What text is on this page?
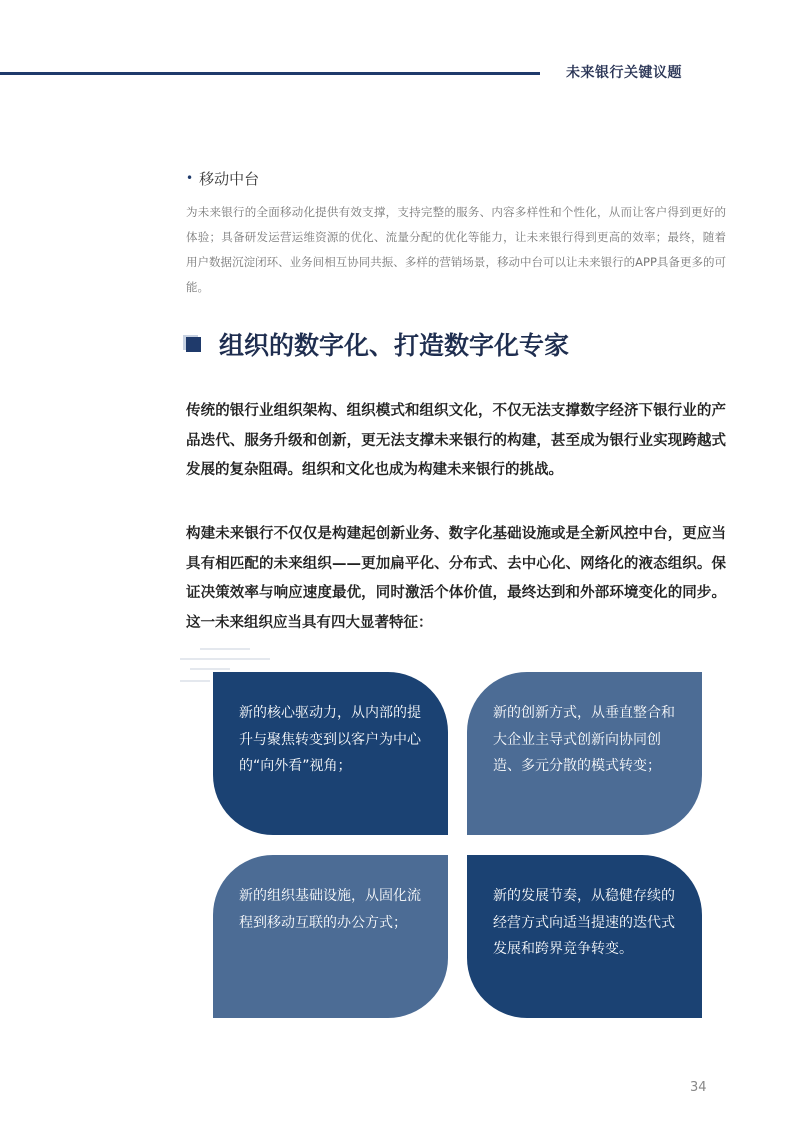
未来银行关键议题
• 移动中台
为未来银行的全面移动化提供有效支撑，支持完整的服务、内容多样性和个性化，从而让客户得到更好的体验；具备研发运营运维资源的优化、流量分配的优化等能力，让未来银行得到更高的效率；最终，随着用户数据沉淀闭环、业务间相互协同共振、多样的营销场景，移动中台可以让未来银行的APP具备更多的可能。
组织的数字化、打造数字化专家
传统的银行业组织架构、组织模式和组织文化，不仅无法支撑数字经济下银行业的产品迭代、服务升级和创新，更无法支撑未来银行的构建，甚至成为银行业实现跨越式发展的复杂阻碍。组织和文化也成为构建未来银行的挑战。
构建未来银行不仅仅是构建起创新业务、数字化基础设施或是全新风控中台，更应当具有相匹配的未来组织——更加扁平化、分布式、去中心化、网络化的液态组织。保证决策效率与响应速度最优，同时激活个体价值，最终达到和外部环境变化的同步。这一未来组织应当具有四大显著特征：
新的核心驱动力，从内部的提升与聚焦转变到以客户为中心的“向外看”视角；
新的创新方式，从垂直整合和大企业主导式创新向协同创造、多元分散的模式转变；
新的组织基础设施，从固化流程到移动互联的办公方式；
新的发展节奏，从稳健存续的经营方式向适当提速的迭代式发展和跨界竞争转变。
34
